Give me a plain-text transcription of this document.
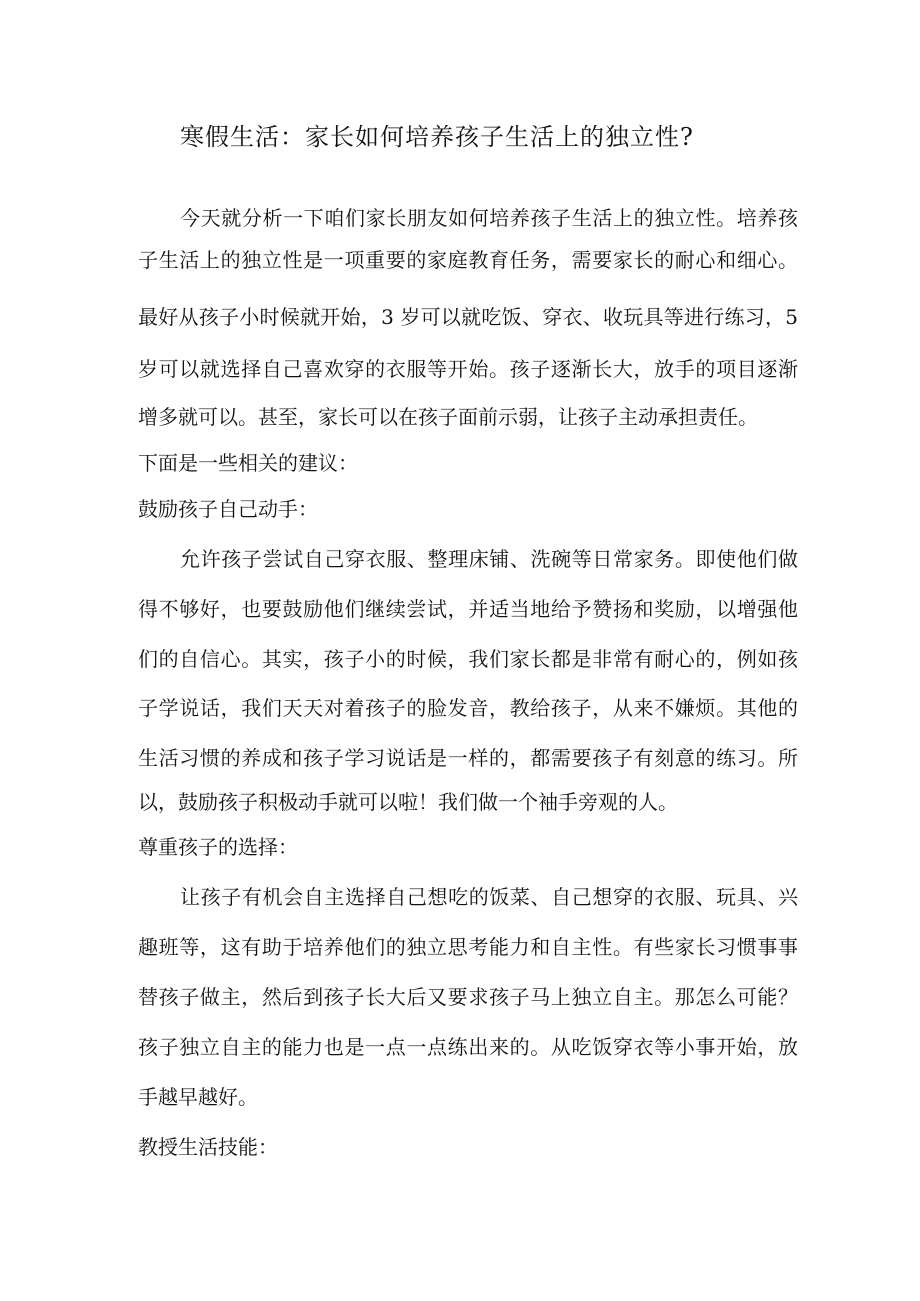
寒假生活：家长如何培养孩子生活上的独立性?
今天就分析一下咱们家长朋友如何培养孩子生活上的独立性。培养孩
子生活上的独立性是一项重要的家庭教育任务，需要家长的耐心和细心。
最好从孩子小时候就开始，3 岁可以就吃饭、穿衣、收玩具等进行练习，5
岁可以就选择自己喜欢穿的衣服等开始。孩子逐渐长大，放手的项目逐渐
增多就可以。甚至，家长可以在孩子面前示弱，让孩子主动承担责任。
下面是一些相关的建议：
鼓励孩子自己动手：
允许孩子尝试自己穿衣服、整理床铺、洗碗等日常家务。即使他们做
得不够好，也要鼓励他们继续尝试，并适当地给予赞扬和奖励，以增强他
们的自信心。其实，孩子小的时候，我们家长都是非常有耐心的，例如孩
子学说话，我们天天对着孩子的脸发音，教给孩子，从来不嫌烦。其他的
生活习惯的养成和孩子学习说话是一样的，都需要孩子有刻意的练习。所
以，鼓励孩子积极动手就可以啦！我们做一个袖手旁观的人。
尊重孩子的选择：
让孩子有机会自主选择自己想吃的饭菜、自己想穿的衣服、玩具、兴
趣班等，这有助于培养他们的独立思考能力和自主性。有些家长习惯事事
替孩子做主，然后到孩子长大后又要求孩子马上独立自主。那怎么可能？
孩子独立自主的能力也是一点一点练出来的。从吃饭穿衣等小事开始，放
手越早越好。
教授生活技能：
